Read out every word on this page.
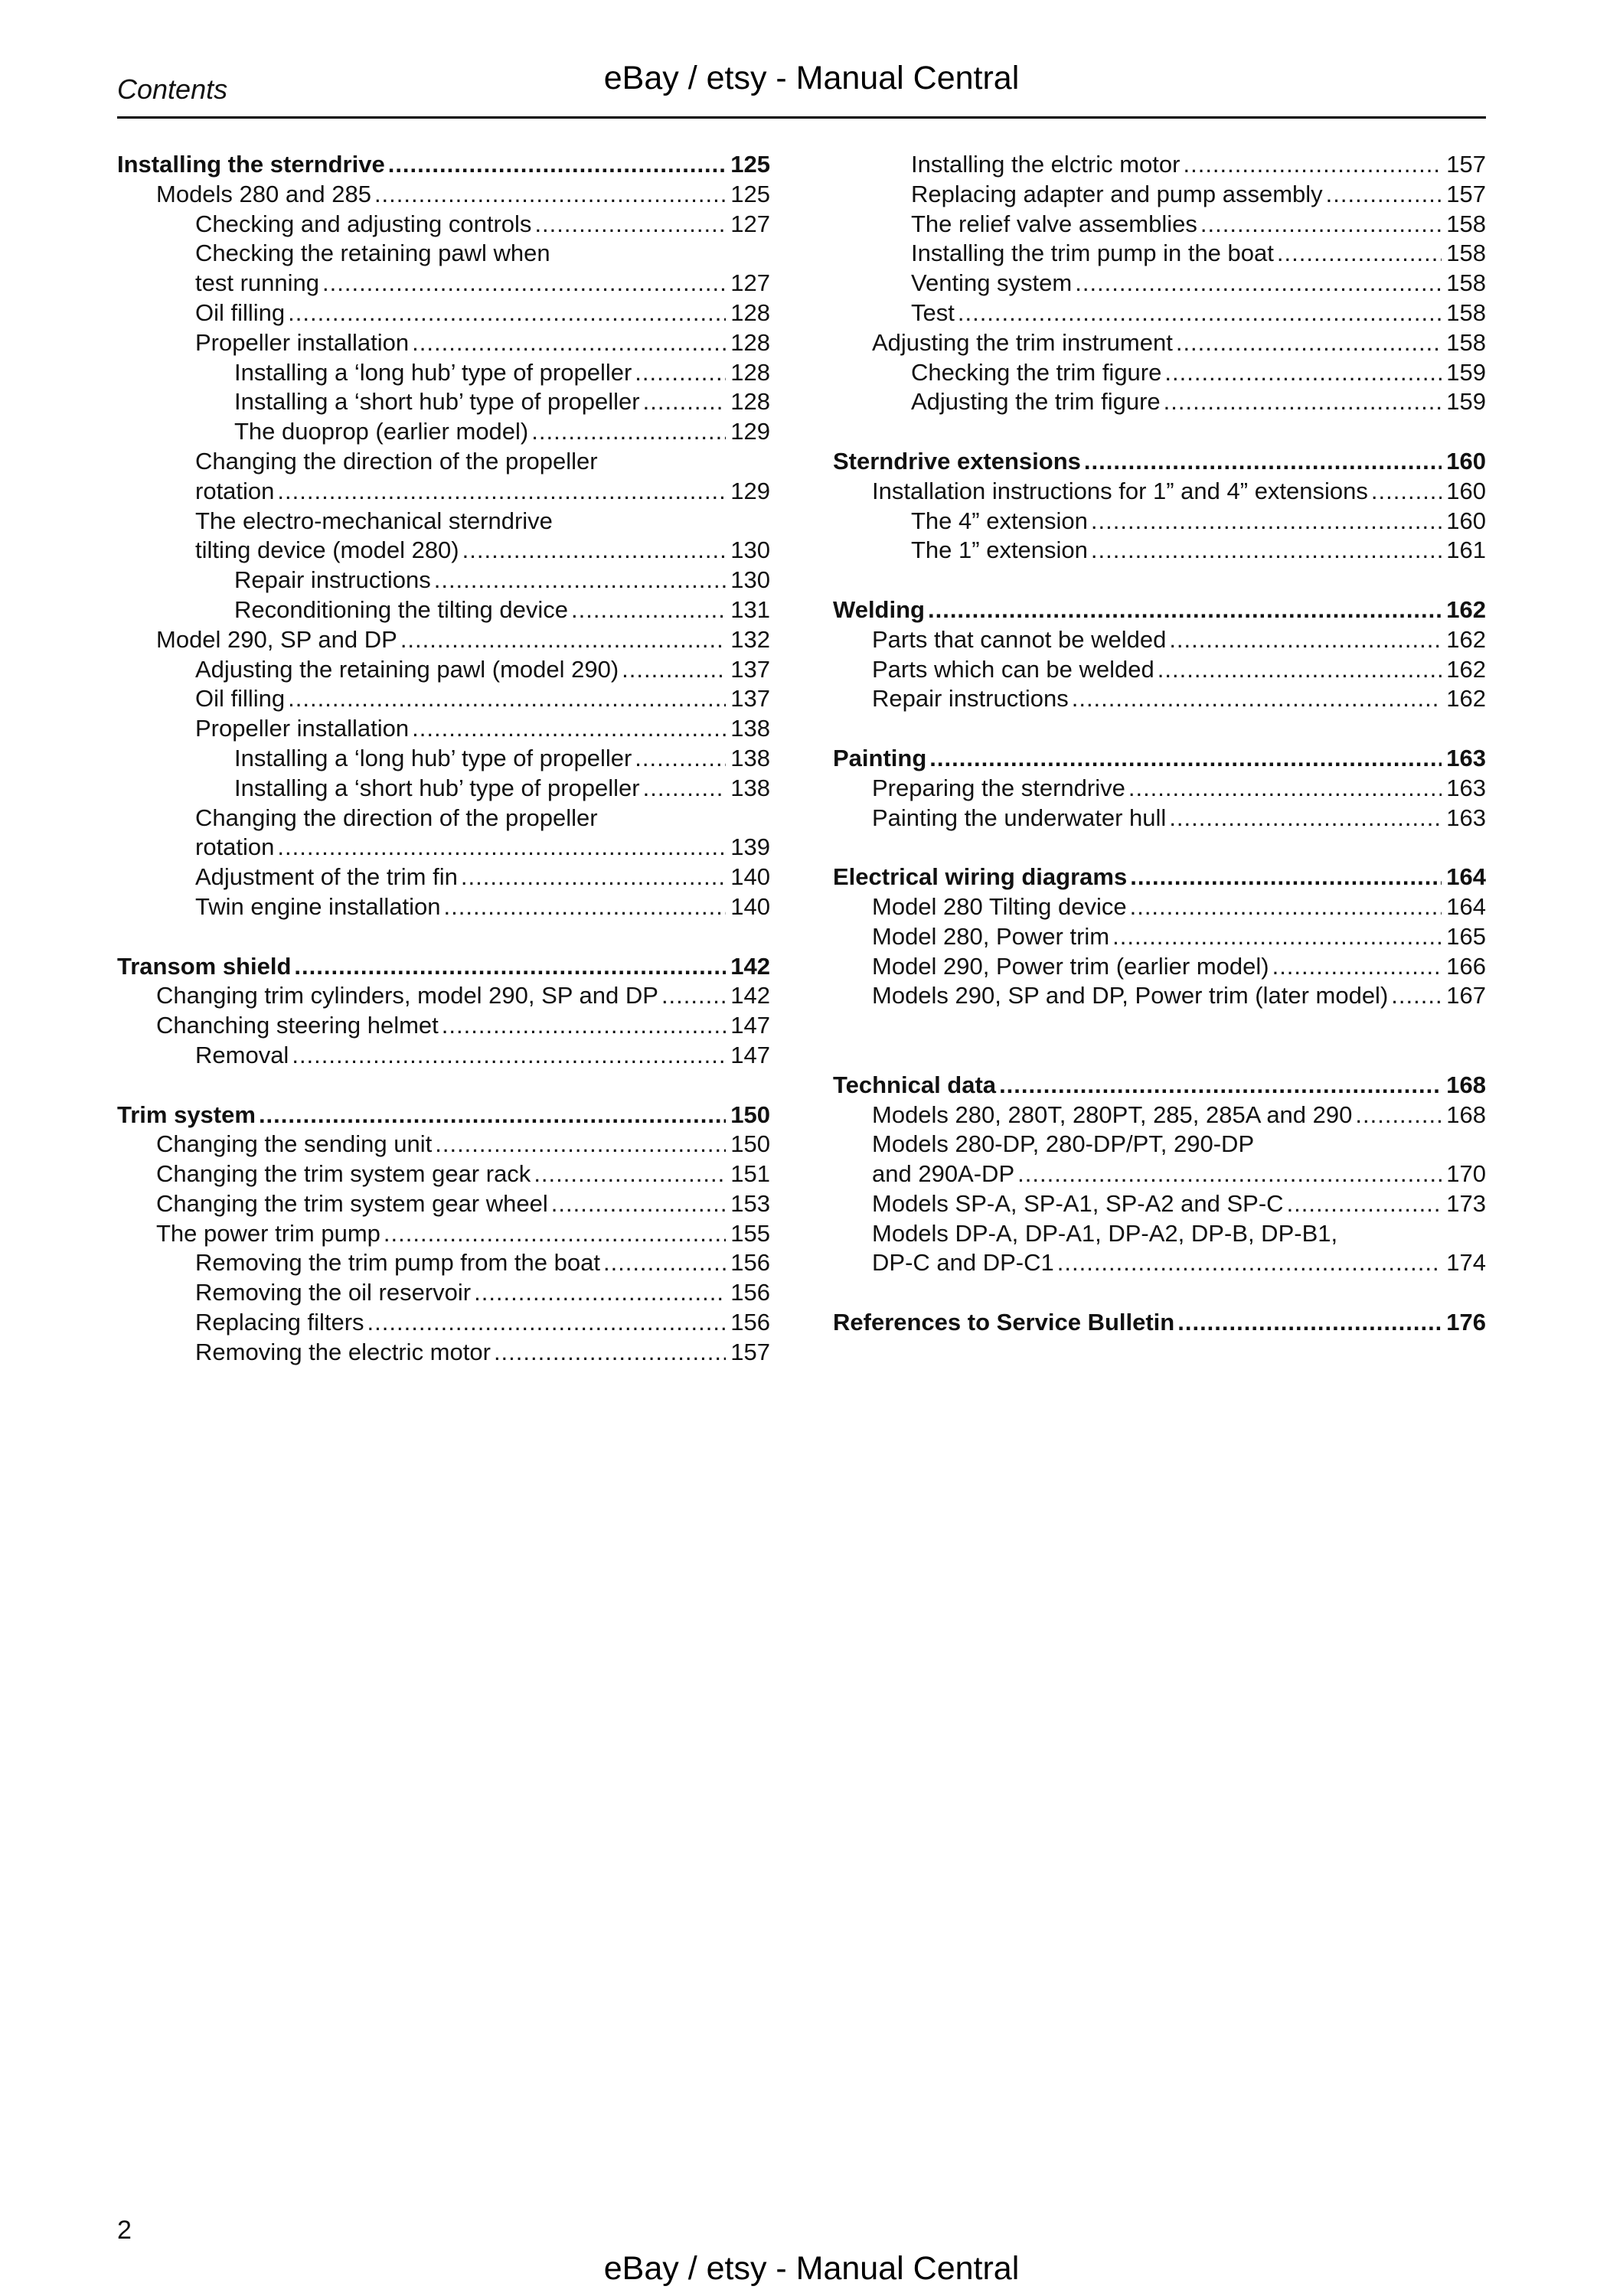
Contents	eBay / etsy - Manual Central
Installing the sterndrive .....	125
Models 280 and 285 .....	125
Checking and adjusting controls .....	127
Checking the retaining pawl when
test running .....	127
Oil filling .....	128
Propeller installation .....	128
Installing a ‘long hub’ type of propeller .....	128
Installing a ‘short hub’ type of propeller .....	128
The duoprop (earlier model) .....	129
Changing the direction of the propeller
rotation .....	129
The electro-mechanical sterndrive
tilting device (model 280) .....	130
Repair instructions .....	130
Reconditioning the tilting device .....	131
Model 290, SP and DP .....	132
Adjusting the retaining pawl (model 290) .....	137
Oil filling .....	137
Propeller installation .....	138
Installing a ‘long hub’ type of propeller .....	138
Installing a ‘short hub’ type of propeller .....	138
Changing the direction of the propeller
rotation .....	139
Adjustment of the trim fin .....	140
Twin engine installation .....	140
Transom shield .....	142
Changing trim cylinders, model 290, SP and DP .....	142
Chanching steering helmet .....	147
Removal .....	147
Trim system .....	150
Changing the sending unit .....	150
Changing the trim system gear rack .....	151
Changing the trim system gear wheel .....	153
The power trim pump .....	155
Removing the trim pump from the boat .....	156
Removing the oil reservoir .....	156
Replacing filters .....	156
Removing the electric motor .....	157
Installing the elctric motor .....	157
Replacing adapter and pump assembly .....	157
The relief valve assemblies .....	158
Installing the trim pump in the boat .....	158
Venting system .....	158
Test .....	158
Adjusting the trim instrument .....	158
Checking the trim figure .....	159
Adjusting the trim figure .....	159
Sterndrive extensions .....	160
Installation instructions for 1” and 4” extensions .....	160
The 4” extension .....	160
The 1” extension .....	161
Welding .....	162
Parts that cannot be welded .....	162
Parts which can be welded .....	162
Repair instructions .....	162
Painting .....	163
Preparing the sterndrive .....	163
Painting the underwater hull .....	163
Electrical wiring diagrams .....	164
Model 280 Tilting device .....	164
Model 280, Power trim .....	165
Model 290, Power trim (earlier model) .....	166
Models 290, SP and DP, Power trim (later model) ..... 167
Technical data .....	168
Models 280, 280T, 280PT, 285, 285A and 290 .....	168
Models 280-DP, 280-DP/PT, 290-DP
and 290A-DP .....	170
Models SP-A, SP-A1, SP-A2 and SP-C .....	173
Models DP-A, DP-A1, DP-A2, DP-B, DP-B1,
DP-C and DP-C1 .....	174
References to Service Bulletin .....	176
2
eBay / etsy - Manual Central
